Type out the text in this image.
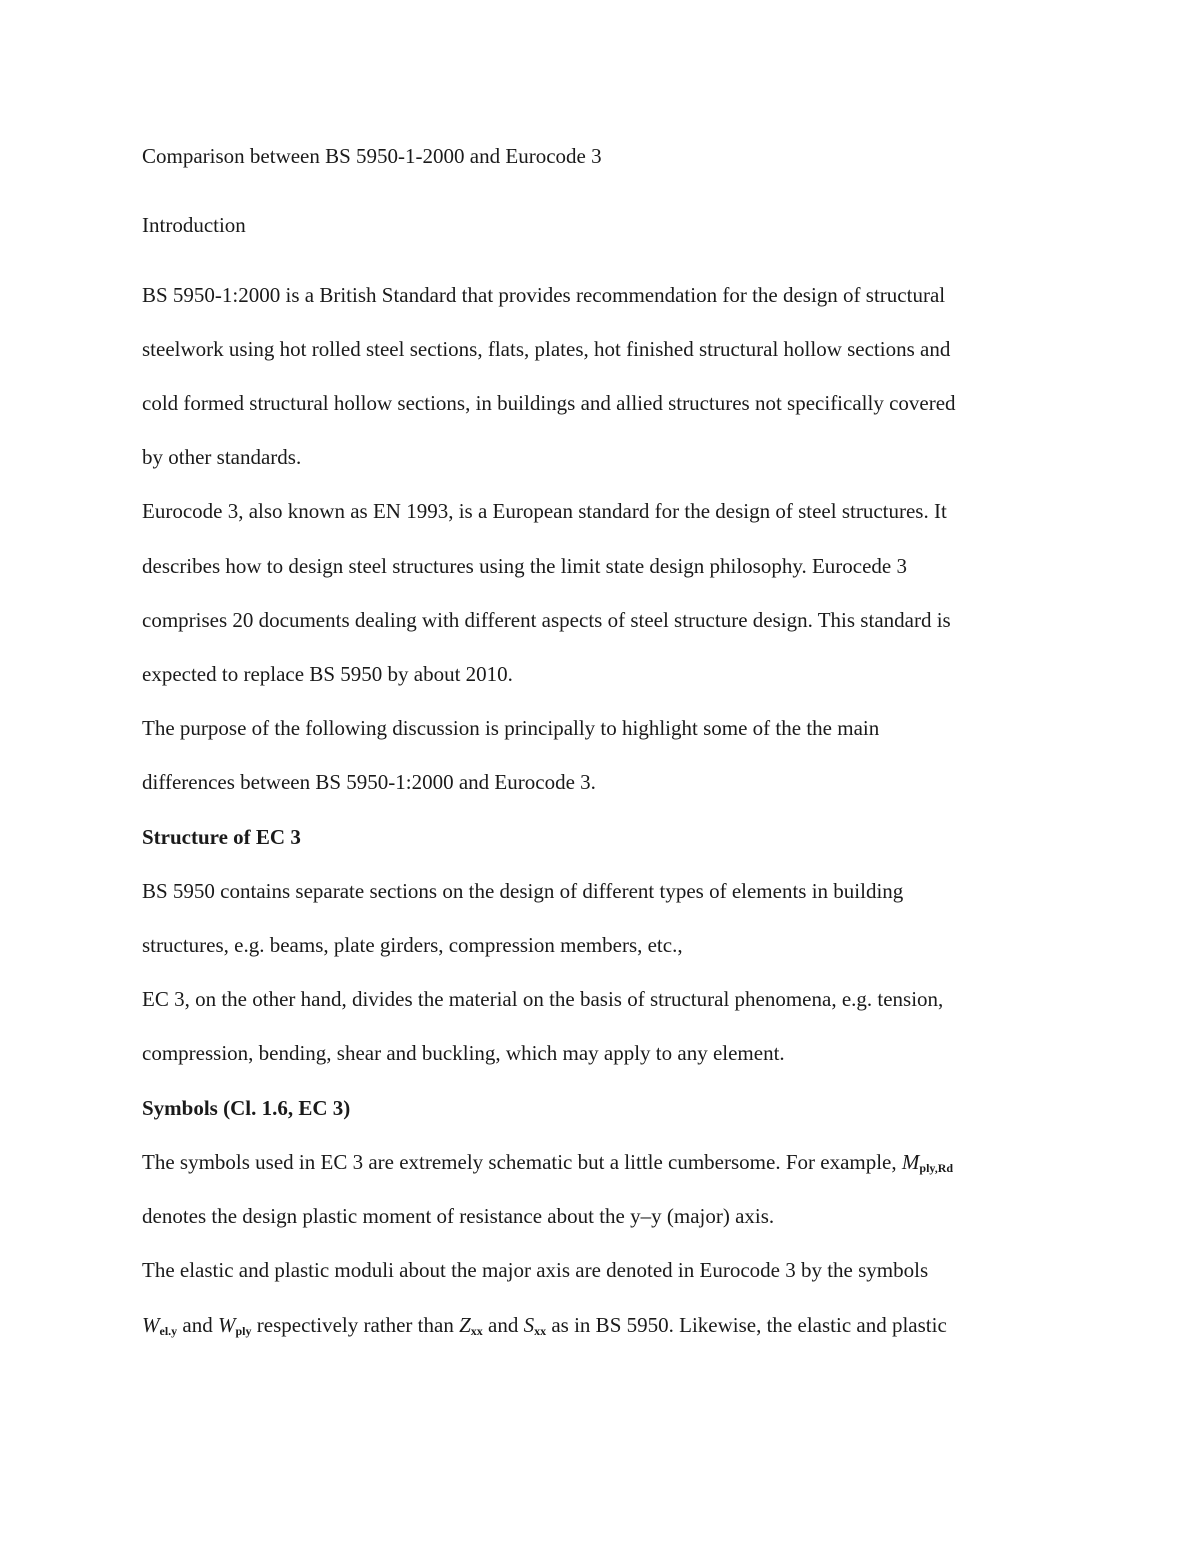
Comparison between BS 5950-1-2000 and Eurocode 3
Introduction
BS 5950-1:2000 is a British Standard that provides recommendation for the design of structural
steelwork using hot rolled steel sections, flats, plates, hot finished structural hollow sections and
cold formed structural hollow sections, in buildings and allied structures not specifically covered
by other standards.
Eurocode 3, also known as EN 1993, is a European standard for the design of steel structures. It
describes how to design steel structures using the limit state design philosophy. Eurocede 3
comprises 20 documents dealing with different aspects of steel structure design. This standard is
expected to replace BS 5950 by about 2010.
The purpose of the following discussion is principally to highlight some of the the main
differences between BS 5950-1:2000 and Eurocode 3.
Structure of EC 3
BS 5950 contains separate sections on the design of different types of elements in building
structures, e.g. beams, plate girders, compression members, etc.,
EC 3, on the other hand, divides the material on the basis of structural phenomena, e.g. tension,
compression, bending, shear and buckling, which may apply to any element.
Symbols (Cl. 1.6, EC 3)
The symbols used in EC 3 are extremely schematic but a little cumbersome. For example, $M_{ply,Rd}$
denotes the design plastic moment of resistance about the y–y (major) axis.
The elastic and plastic moduli about the major axis are denoted in Eurocode 3 by the symbols
$W_{el.y}$ and $W_{ply}$ respectively rather than $Z_{xx}$ and $S_{xx}$ as in BS 5950. Likewise, the elastic and plastic
